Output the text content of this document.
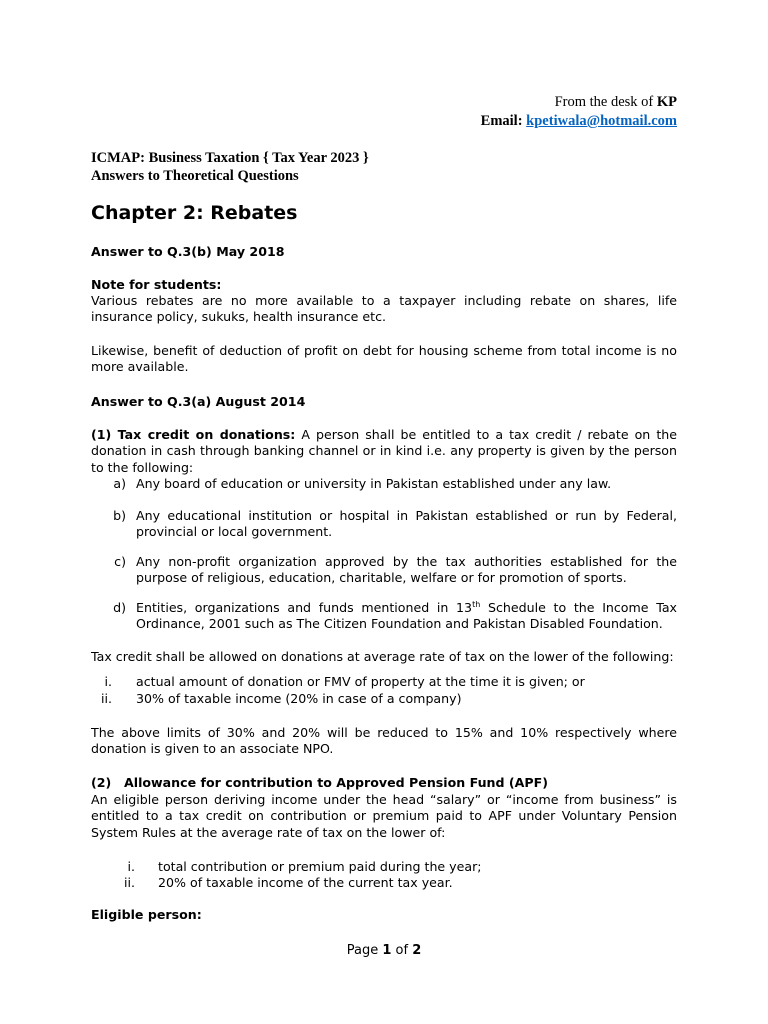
From the desk of KP
Email: kpetiwala@hotmail.com
ICMAP: Business Taxation { Tax Year 2023 }
Answers to Theoretical Questions
Chapter 2: Rebates
Answer to Q.3(b) May 2018
Note for students:
Various rebates are no more available to a taxpayer including rebate on shares, life insurance policy, sukuks, health insurance etc.
Likewise, benefit of deduction of profit on debt for housing scheme from total income is no more available.
Answer to Q.3(a) August 2014
(1) Tax credit on donations: A person shall be entitled to a tax credit / rebate on the donation in cash through banking channel or in kind i.e. any property is given by the person to the following:
a) Any board of education or university in Pakistan established under any law.
b) Any educational institution or hospital in Pakistan established or run by Federal, provincial or local government.
c) Any non-profit organization approved by the tax authorities established for the purpose of religious, education, charitable, welfare or for promotion of sports.
d) Entities, organizations and funds mentioned in 13th Schedule to the Income Tax Ordinance, 2001 such as The Citizen Foundation and Pakistan Disabled Foundation.
Tax credit shall be allowed on donations at average rate of tax on the lower of the following:
i. actual amount of donation or FMV of property at the time it is given; or
ii. 30% of taxable income (20% in case of a company)
The above limits of 30% and 20% will be reduced to 15% and 10% respectively where donation is given to an associate NPO.
(2) Allowance for contribution to Approved Pension Fund (APF)
An eligible person deriving income under the head “salary” or “income from business” is entitled to a tax credit on contribution or premium paid to APF under Voluntary Pension System Rules at the average rate of tax on the lower of:
i. total contribution or premium paid during the year;
ii. 20% of taxable income of the current tax year.
Eligible person:
Page 1 of 2
